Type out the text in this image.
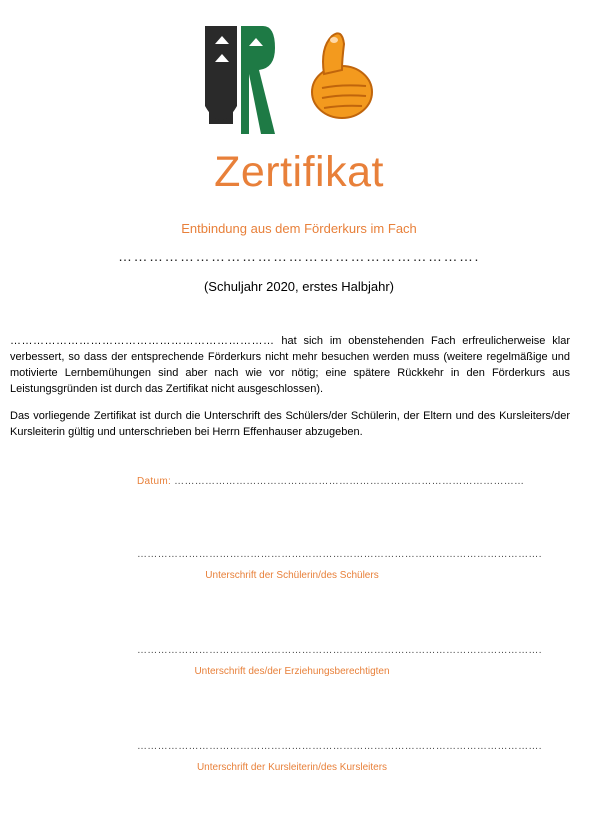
Zertifikat
Entbindung aus dem Förderkurs im Fach
…………………………………………………………….
(Schuljahr 2020, erstes Halbjahr)
…………………………………………………………… hat sich im obenstehenden Fach erfreulicherweise klar verbessert, so dass der entsprechende Förderkurs nicht mehr besuchen werden muss (weitere regelmäßige und motivierte Lernbemühungen sind aber nach wie vor nötig; eine spätere Rückkehr in den Förderkurs aus Leistungsgründen ist durch das Zertifikat nicht ausgeschlossen).
Das vorliegende Zertifikat ist durch die Unterschrift des Schülers/der Schülerin, der Eltern und des Kursleiters/der Kursleiterin gültig und unterschrieben bei Herrn Effenhauser abzugeben.
Datum: …………………………………………………………………………………………
……………………………………………………………………………………………………….
Unterschrift der Schülerin/des Schülers
……………………………………………………………………………………………………….
Unterschrift des/der Erziehungsberechtigten
……………………………………………………………………………………………………….
Unterschrift der Kursleiterin/des Kursleiters
